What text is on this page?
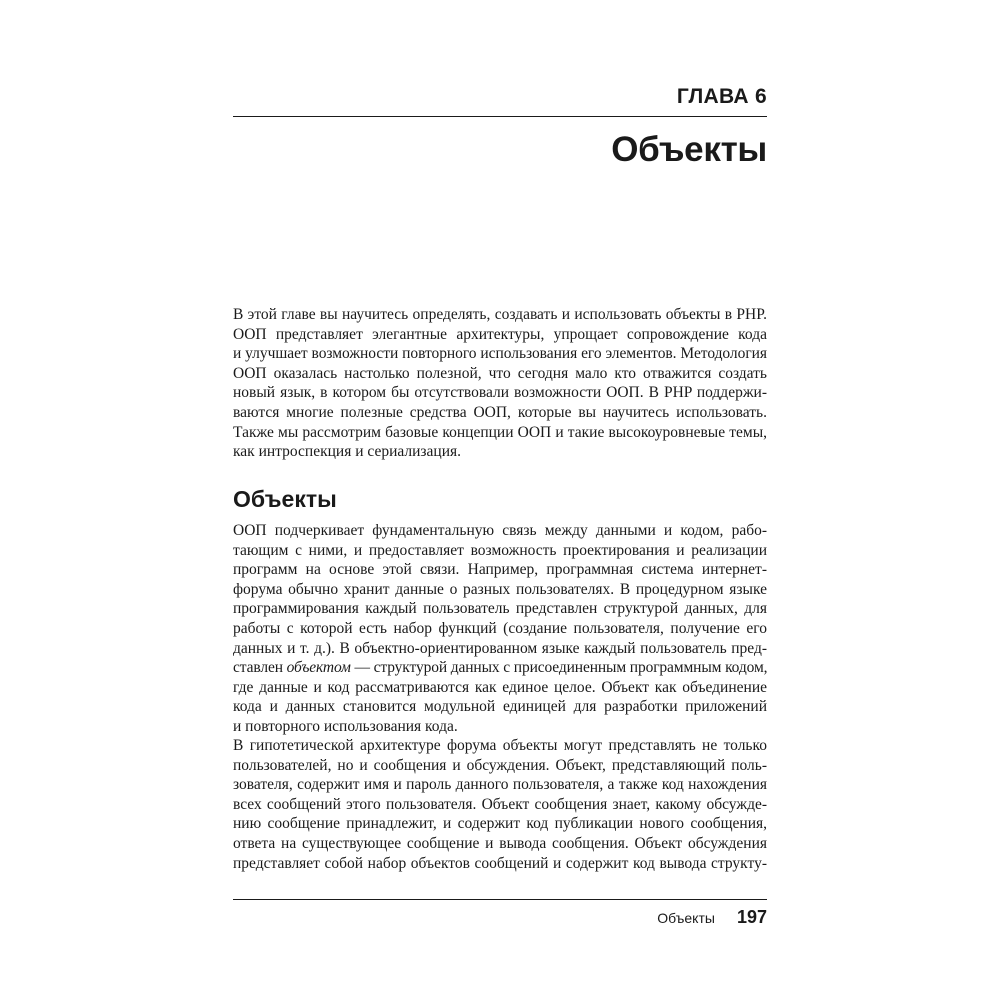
ГЛАВА 6
Объекты
В этой главе вы научитесь определять, создавать и использовать объекты в PHP.
ООП представляет элегантные архитектуры, упрощает сопровождение кода
и улучшает возможности повторного использования его элементов. Методология
ООП оказалась настолько полезной, что сегодня мало кто отважится создать
новый язык, в котором бы отсутствовали возможности ООП. В PHP поддержи-
ваются многие полезные средства ООП, которые вы научитесь использовать.
Также мы рассмотрим базовые концепции ООП и такие высокоуровневые темы,
как интроспекция и сериализация.
Объекты
ООП подчеркивает фундаментальную связь между данными и кодом, рабо-
тающим с ними, и предоставляет возможность проектирования и реализации
программ на основе этой связи. Например, программная система интернет-
форума обычно хранит данные о разных пользователях. В процедурном языке
программирования каждый пользователь представлен структурой данных, для
работы с которой есть набор функций (создание пользователя, получение его
данных и т. д.). В объектно-ориентированном языке каждый пользователь пред-
ставлен объектом — структурой данных с присоединенным программным кодом,
где данные и код рассматриваются как единое целое. Объект как объединение
кода и данных становится модульной единицей для разработки приложений
и повторного использования кода.
В гипотетической архитектуре форума объекты могут представлять не только
пользователей, но и сообщения и обсуждения. Объект, представляющий поль-
зователя, содержит имя и пароль данного пользователя, а также код нахождения
всех сообщений этого пользователя. Объект сообщения знает, какому обсужде-
нию сообщение принадлежит, и содержит код публикации нового сообщения,
ответа на существующее сообщение и вывода сообщения. Объект обсуждения
представляет собой набор объектов сообщений и содержит код вывода структу-
Объекты 197
